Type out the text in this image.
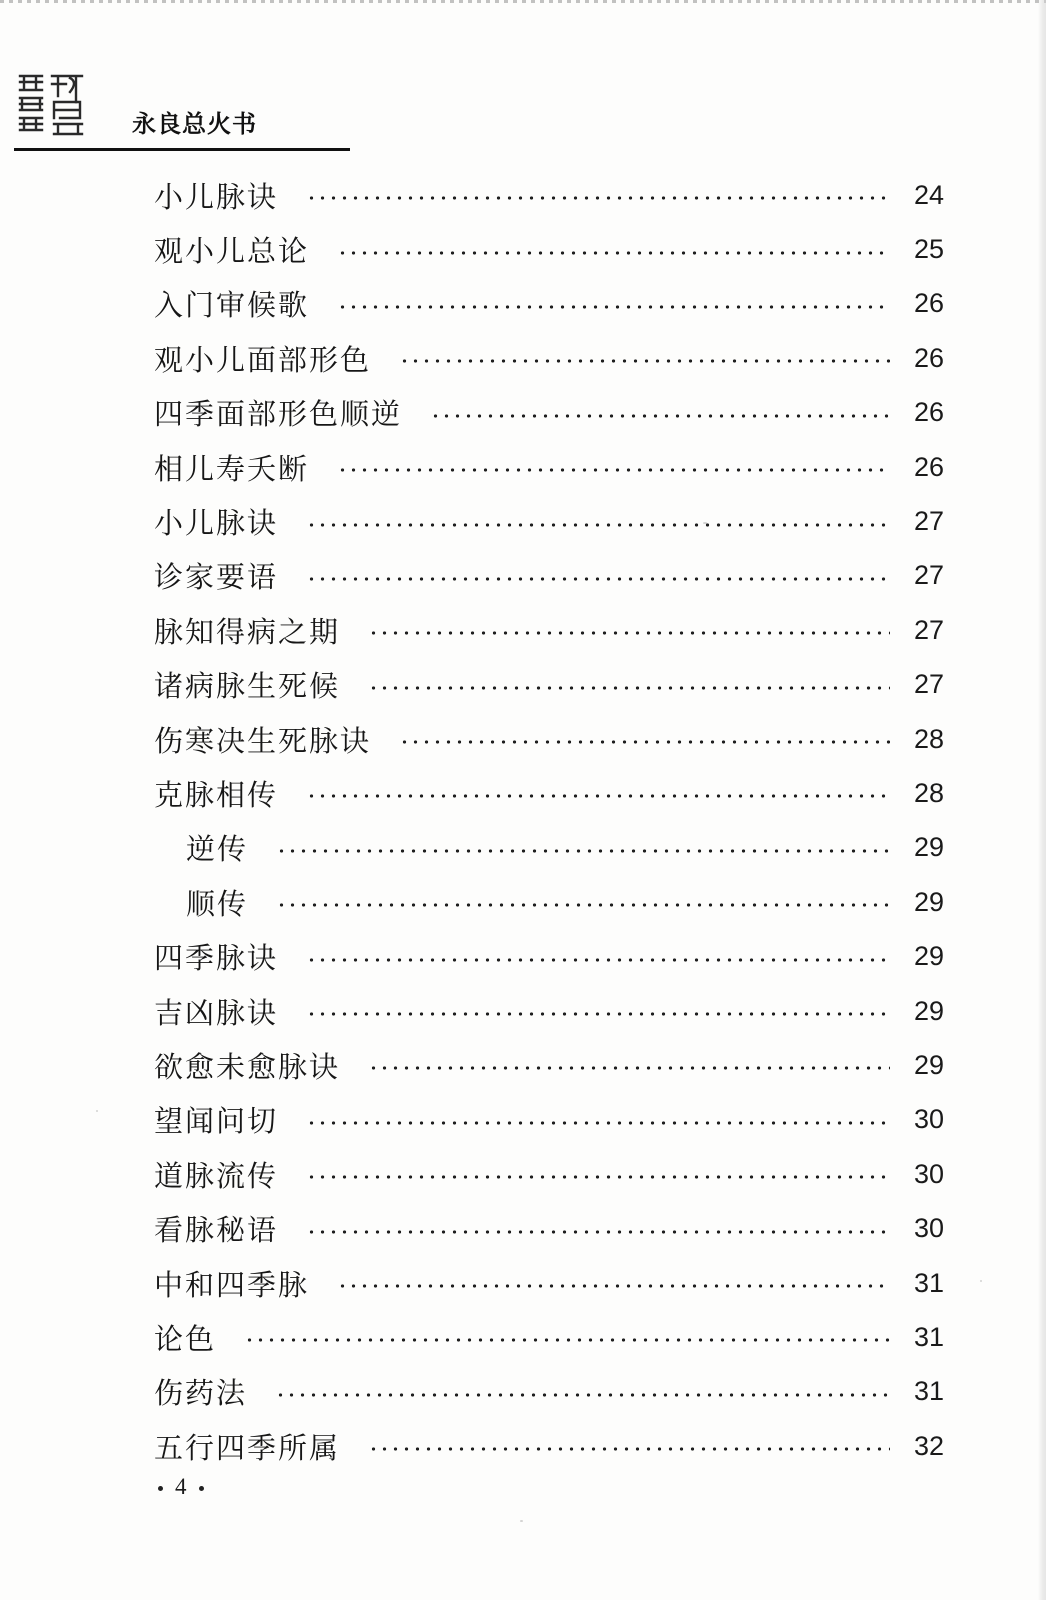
永良总火书
小儿脉诀	24
观小儿总论	25
入门审候歌	26
观小儿面部形色	26
四季面部形色顺逆	26
相儿寿夭断	26
小儿脉诀	27
诊家要语	27
脉知得病之期	27
诸病脉生死候	27
伤寒决生死脉诀	28
克脉相传	28
逆传	29
顺传	29
四季脉诀	29
吉凶脉诀	29
欲愈未愈脉诀	29
望闻问切	30
道脉流传	30
看脉秘语	30
中和四季脉	31
论色	31
伤药法	31
五行四季所属	32
4
